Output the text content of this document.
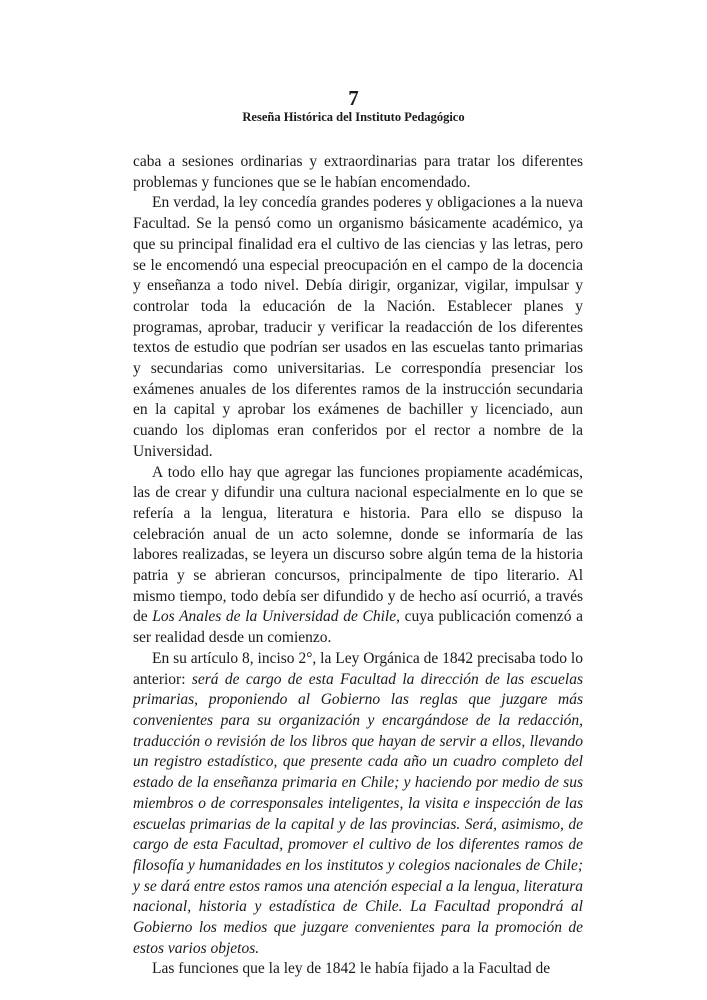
7
Reseña Histórica del Instituto Pedagógico

caba a sesiones ordinarias y extraordinarias para tratar los diferentes problemas y funciones que se le habían encomendado.

En verdad, la ley concedía grandes poderes y obligaciones a la nueva Facultad. Se la pensó como un organismo básicamente académico, ya que su principal finalidad era el cultivo de las ciencias y las letras, pero se le encomendó una especial preocupación en el campo de la docencia y enseñanza a todo nivel. Debía dirigir, organizar, vigilar, impulsar y controlar toda la educación de la Nación. Establecer planes y programas, aprobar, traducir y verificar la readacción de los diferentes textos de estudio que podrían ser usados en las escuelas tanto primarias y secundarias como universitarias. Le correspondía presenciar los exámenes anuales de los diferentes ramos de la instrucción secundaria en la capital y aprobar los exámenes de bachiller y licenciado, aun cuando los diplomas eran conferidos por el rector a nombre de la Universidad.

A todo ello hay que agregar las funciones propiamente académicas, las de crear y difundir una cultura nacional especialmente en lo que se refería a la lengua, literatura e historia. Para ello se dispuso la celebración anual de un acto solemne, donde se informaría de las labores realizadas, se leyera un discurso sobre algún tema de la historia patria y se abrieran concursos, principalmente de tipo literario. Al mismo tiempo, todo debía ser difundido y de hecho así ocurrió, a través de Los Anales de la Universidad de Chile, cuya publicación comenzó a ser realidad desde un comienzo.

En su artículo 8, inciso 2°, la Ley Orgánica de 1842 precisaba todo lo anterior: será de cargo de esta Facultad la dirección de las escuelas primarias, proponiendo al Gobierno las reglas que juzgare más convenientes para su organización y encargándose de la redacción, traducción o revisión de los libros que hayan de servir a ellos, llevando un registro estadístico, que presente cada año un cuadro completo del estado de la enseñanza primaria en Chile; y haciendo por medio de sus miembros o de corresponsales inteligentes, la visita e inspección de las escuelas primarias de la capital y de las provincias. Será, asimismo, de cargo de esta Facultad, promover el cultivo de los diferentes ramos de filosofía y humanidades en los institutos y colegios nacionales de Chile; y se dará entre estos ramos una atención especial a la lengua, literatura nacional, historia y estadística de Chile. La Facultad propondrá al Gobierno los medios que juzgare convenientes para la promoción de estos varios objetos.

Las funciones que la ley de 1842 le había fijado a la Facultad de
